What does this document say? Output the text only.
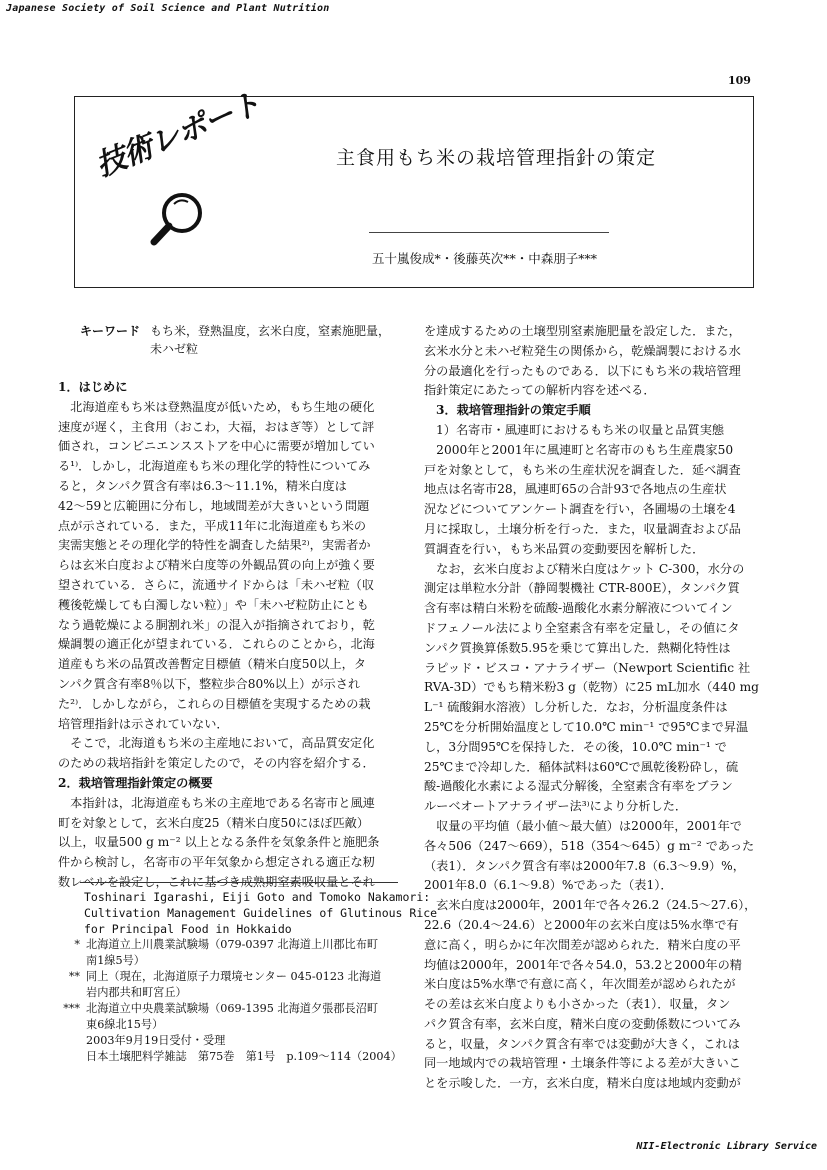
Japanese Society of Soil Science and Plant Nutrition
109
技術レポート	主食用もち米の栽培管理指針の策定
五十嵐俊成*・後藤英次**・中森朋子***
キーワード もち米，登熟温度，玄米白度，窒素施肥量，
未ハゼ粒

1．はじめに

　北海道産もち米は登熟温度が低いため，もち生地の硬化

速度が遅く，主食用（おこわ，大福，おはぎ等）として評

価され，コンビニエンスストアを中心に需要が増加してい

る¹⁾．しかし，北海道産もち米の理化学的特性についてみ

ると，タンパク質含有率は6.3〜11.1%，精米白度は

42〜59と広範囲に分布し，地域間差が大きいという問題

点が示されている．また，平成11年に北海道産もち米の

実需実態とその理化学的特性を調査した結果²⁾，実需者か

らは玄米白度および精米白度等の外観品質の向上が強く要

望されている．さらに，流通サイドからは「未ハゼ粒（収

穫後乾燥しても白濁しない粒）」や「未ハゼ粒防止にとも

なう過乾燥による胴割れ米」の混入が指摘されており，乾

燥調製の適正化が望まれている．これらのことから，北海

道産もち米の品質改善暫定目標値（精米白度50以上，タ

ンパク質含有率8％以下，整粒歩合80%以上）が示され

た²⁾．しかしながら，これらの目標値を実現するための栽

培管理指針は示されていない．

　そこで，北海道もち米の主産地において，高品質安定化

のための栽培指針を策定したので，その内容を紹介する．

2．栽培管理指針策定の概要

　本指針は，北海道産もち米の主産地である名寄市と風連

町を対象として，玄米白度25（精米白度50にほぼ匹敵）

以上，収量500 g m⁻² 以上となる条件を気象条件と施肥条

件から検討し，名寄市の平年気象から想定される適正な籾

数レベルを設定し，これに基づき成熟期窒素吸収量とそれ

を達成するための土壌型別窒素施肥量を設定した．また，

玄米水分と未ハゼ粒発生の関係から，乾燥調製における水

分の最適化を行ったものである．以下にもち米の栽培管理

指針策定にあたっての解析内容を述べる．

3．栽培管理指針の策定手順

1）名寄市・風連町におけるもち米の収量と品質実態

　2000年と2001年に風連町と名寄市のもち生産農家50

戸を対象として，もち米の生産状況を調査した．延べ調査

地点は名寄市28，風連町65の合計93で各地点の生産状

況などについてアンケート調査を行い，各圃場の土壌を4

月に採取し，土壌分析を行った．また，収量調査および品

質調査を行い，もち米品質の変動要因を解析した．

　なお，玄米白度および精米白度はケット C-300，水分の

測定は単粒水分計（静岡製機社 CTR-800E），タンパク質

含有率は精白米粉を硫酸-過酸化水素分解液についてイン

ドフェノール法により全窒素含有率を定量し，その値にタ

ンパク質換算係数5.95を乗じて算出した．熱糊化特性は

ラピッド・ビスコ・アナライザー（Newport Scientific 社

RVA-3D）でもち精米粉3 g（乾物）に25 mL加水（440 mg

L⁻¹ 硫酸銅水溶液）し分析した．なお，分析温度条件は

25℃を分析開始温度として10.0℃ min⁻¹ で95℃まで昇温

し，3分間95℃を保持した．その後，10.0℃ min⁻¹ で

25℃まで冷却した．稲体試料は60℃で風乾後粉砕し，硫

酸-過酸化水素による湿式分解後，全窒素含有率をブラン

ルーベオートアナライザー法³⁾により分析した．

　収量の平均値（最小値〜最大値）は2000年，2001年で

各々506（247〜669），518（354〜645）g m⁻² であった

（表1）．タンパク質含有率は2000年7.8（6.3〜9.9）%，

2001年8.0（6.1〜9.8）%であった（表1）．

　玄米白度は2000年，2001年で各々26.2（24.5〜27.6），

22.6（20.4〜24.6）と2000年の玄米白度は5%水準で有

意に高く，明らかに年次間差が認められた．精米白度の平

均値は2000年，2001年で各々54.0，53.2と2000年の精

米白度は5%水準で有意に高く，年次間差が認められたが

その差は玄米白度よりも小さかった（表1）．収量，タン

パク質含有率，玄米白度，精米白度の変動係数についてみ

ると，収量，タンパク質含有率では変動が大きく，これは

同一地域内での栽培管理・土壌条件等による差が大きいこ

とを示唆した．一方，玄米白度，精米白度は地域内変動が

Toshinari Igarashi, Eiji Goto and Tomoko Nakamori:

Cultivation Management Guidelines of Glutinous Rice

for Principal Food in Hokkaido

* 北海道立上川農業試験場（079-0397 北海道上川郡比布町

南1線5号）

** 同上（現在，北海道原子力環境センター 045-0123 北海道

岩内郡共和町宮丘）

*** 北海道立中央農業試験場（069-1395 北海道夕張郡長沼町

東6線北15号）

2003年9月19日受付・受理

日本土壌肥料学雑誌　第75巻　第1号　p.109〜114（2004）

NII-Electronic Library Service
